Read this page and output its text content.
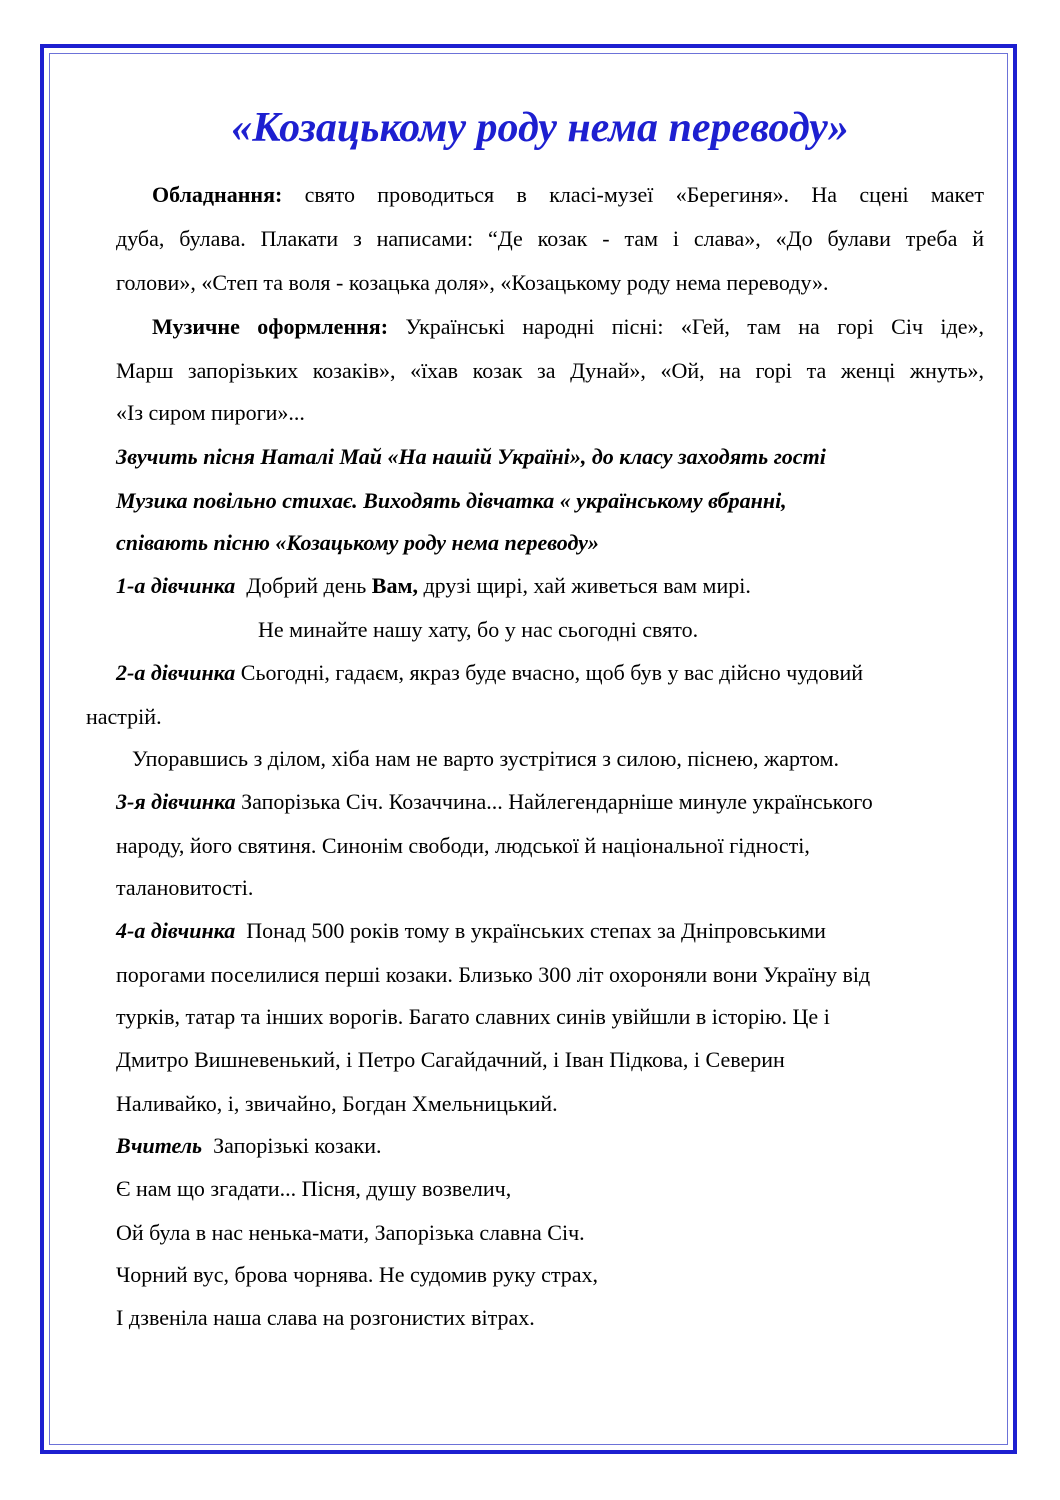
«Козацькому роду нема переводу»
Обладнання: свято проводиться в класі-музеї «Берегиня». На сцені макет
дуба, булава. Плакати з написами: “Де козак - там і слава», «До булави треба й
голови», «Степ та воля - козацька доля», «Козацькому роду нема переводу».
Музичне оформлення: Українські народні пісні: «Гей, там на горі Січ іде»,
Марш запорізьких козаків», «їхав козак за Дунай», «Ой, на горі та женці жнуть»,
«Із сиром пироги»...
Звучить пісня Наталі Май «На нашій Україні», до класу заходять гості
Музика повільно стихає. Виходять дівчатка « українському вбранні,
співають пісню «Козацькому роду нема переводу»
1-а дівчинка Добрий день Вам, друзі щирі, хай живеться вам мирі.
Не минайте нашу хату, бо у нас сьогодні свято.
2-а дівчинка Сьогодні, гадаєм, якраз буде вчасно, щоб був у вас дійсно чудовий
настрій.
Упоравшись з ділом, хіба нам не варто зустрітися з силою, піснею, жартом.
3-я дівчинка Запорізька Січ. Козаччина... Найлегендарніше минуле українського
народу, його святиня. Синонім свободи, людської й національної гідності,
талановитості.
4-а дівчинка Понад 500 років тому в українських степах за Дніпровськими
порогами поселилися перші козаки. Близько 300 літ охороняли вони Україну від
турків, татар та інших ворогів. Багато славних синів увійшли в історію. Це і
Дмитро Вишневенький, і Петро Сагайдачний, і Іван Підкова, і Северин
Наливайко, і, звичайно, Богдан Хмельницький.
Вчитель Запорізькі козаки.
Є нам що згадати... Пісня, душу возвелич,
Ой була в нас ненька-мати, Запорізька славна Січ.
Чорний вус, брова чорнява. Не судомив руку страх,
І дзвеніла наша слава на розгонистих вітрах.
